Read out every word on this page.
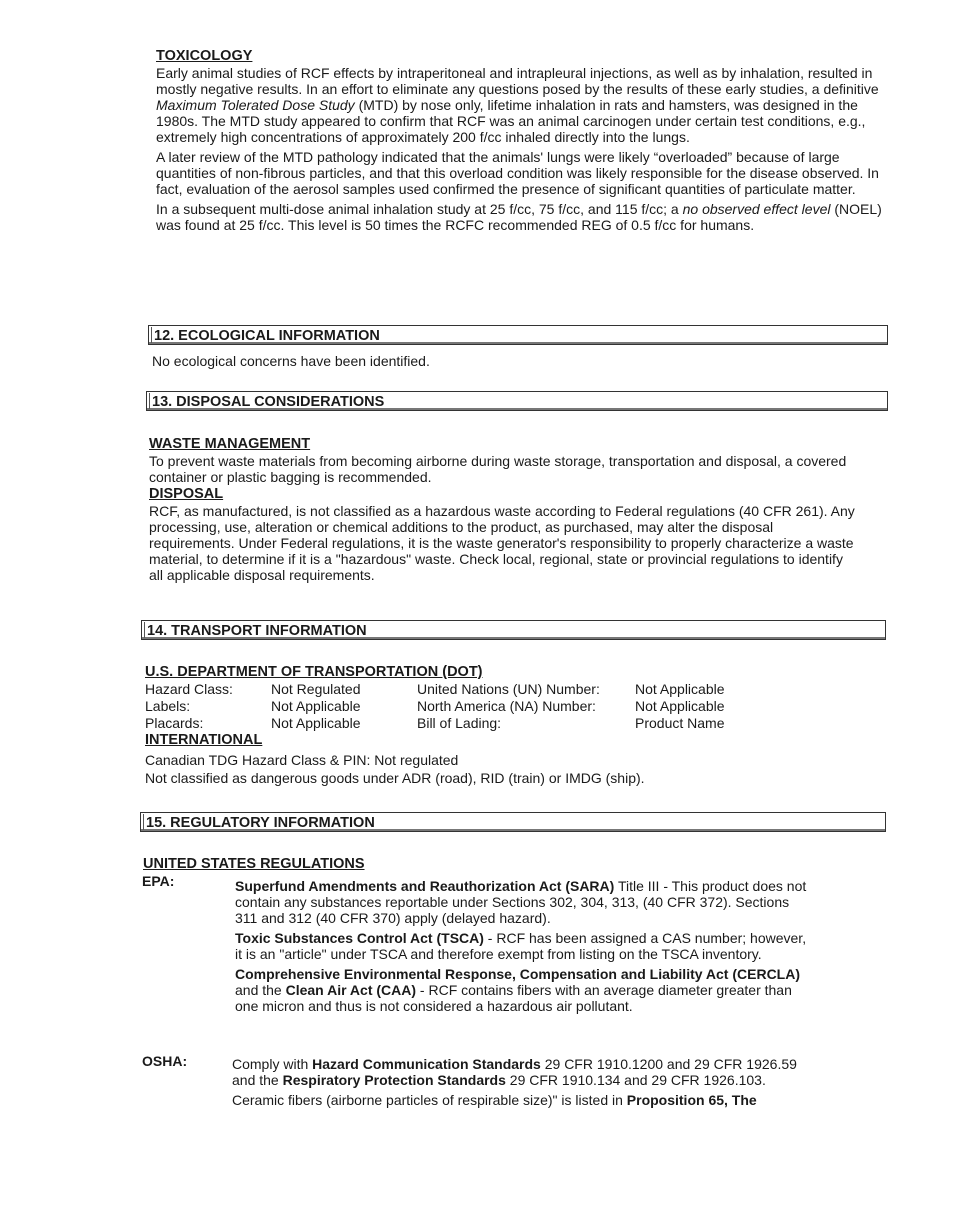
TOXICOLOGY

Early animal studies of RCF effects by intraperitoneal and intrapleural injections, as well as by inhalation, resulted in mostly negative results. In an effort to eliminate any questions posed by the results of these early studies, a definitive Maximum Tolerated Dose Study (MTD) by nose only, lifetime inhalation in rats and hamsters, was designed in the 1980s. The MTD study appeared to confirm that RCF was an animal carcinogen under certain test conditions, e.g., extremely high concentrations of approximately 200 f/cc inhaled directly into the lungs.

A later review of the MTD pathology indicated that the animals' lungs were likely “overloaded” because of large quantities of non-fibrous particles, and that this overload condition was likely responsible for the disease observed. In fact, evaluation of the aerosol samples used confirmed the presence of significant quantities of particulate matter.

In a subsequent multi-dose animal inhalation study at 25 f/cc, 75 f/cc, and 115 f/cc; a no observed effect level (NOEL) was found at 25 f/cc. This level is 50 times the RCFC recommended REG of 0.5 f/cc for humans.

12. ECOLOGICAL INFORMATION
No ecological concerns have been identified.
13. DISPOSAL CONSIDERATIONS
WASTE MANAGEMENT

To prevent waste materials from becoming airborne during waste storage, transportation and disposal, a covered container or plastic bagging is recommended.

DISPOSAL

RCF, as manufactured, is not classified as a hazardous waste according to Federal regulations (40 CFR 261). Any processing, use, alteration or chemical additions to the product, as purchased, may alter the disposal requirements. Under Federal regulations, it is the waste generator's responsibility to properly characterize a waste material, to determine if it is a "hazardous" waste. Check local, regional, state or provincial regulations to identify all applicable disposal requirements.

14. TRANSPORT INFORMATION
U.S. DEPARTMENT OF TRANSPORTATION (DOT)
Hazard Class:	Not Regulated	United Nations (UN) Number:	Not Applicable
Labels:	Not Applicable	North America (NA) Number:	Not Applicable
Placards:	Not Applicable	Bill of Lading:	Product Name
INTERNATIONAL

Canadian TDG Hazard Class & PIN: Not regulated

Not classified as dangerous goods under ADR (road), RID (train) or IMDG (ship).

15. REGULATORY INFORMATION
UNITED STATES REGULATIONS
EPA:	Superfund Amendments and Reauthorization Act (SARA) Title III - This product does not contain any substances reportable under Sections 302, 304, 313, (40 CFR 372). Sections 311 and 312 (40 CFR 370) apply (delayed hazard).

Toxic Substances Control Act (TSCA) - RCF has been assigned a CAS number; however, it is an "article" under TSCA and therefore exempt from listing on the TSCA inventory.

Comprehensive Environmental Response, Compensation and Liability Act (CERCLA) and the Clean Air Act (CAA) - RCF contains fibers with an average diameter greater than one micron and thus is not considered a hazardous air pollutant.

OSHA:	Comply with Hazard Communication Standards 29 CFR 1910.1200 and 29 CFR 1926.59 and the Respiratory Protection Standards 29 CFR 1910.134 and 29 CFR 1926.103.

Ceramic fibers (airborne particles of respirable size)" is listed in Proposition 65, The
